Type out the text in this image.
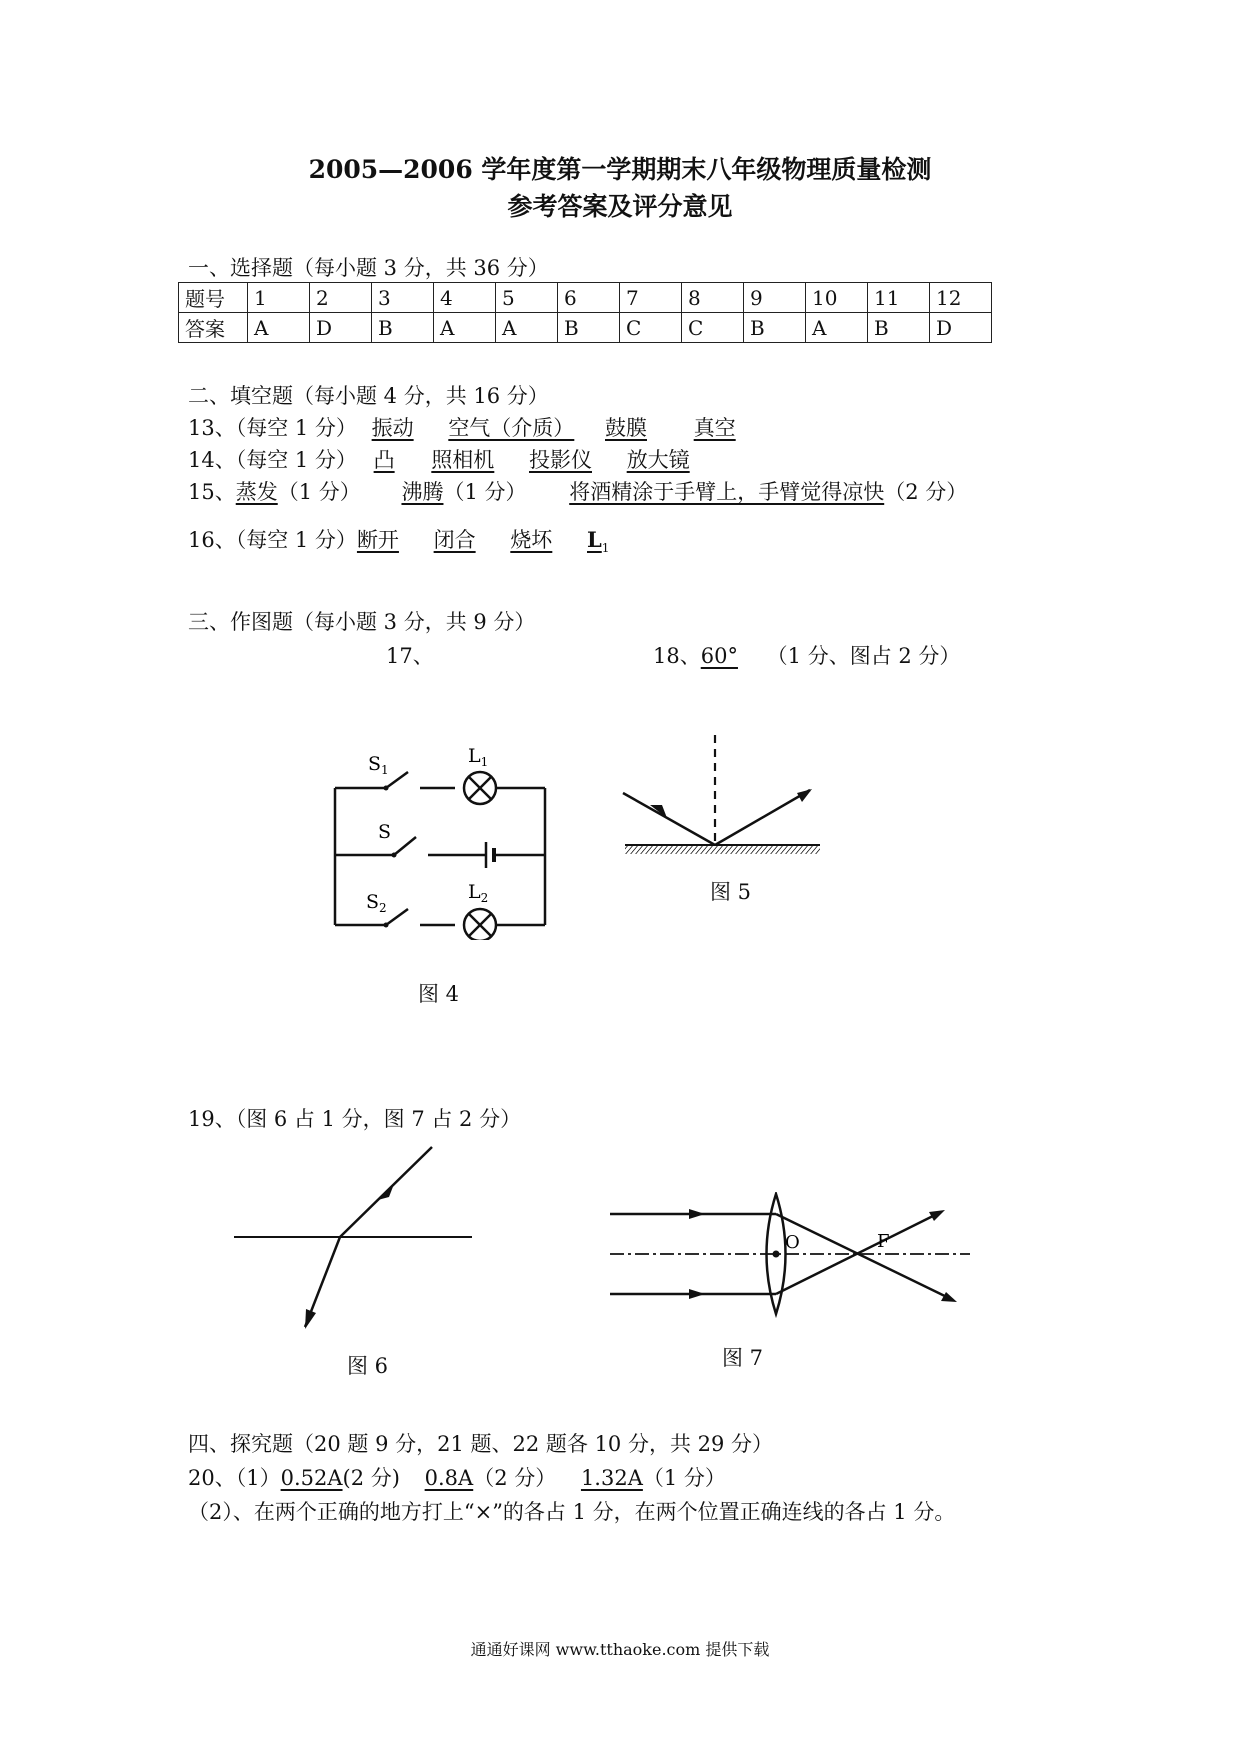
2005—2006 学年度第一学期期末八年级物理质量检测
参考答案及评分意见
一、选择题（每小题 3 分，共 36 分）
题号	1	2	3	4	5	6	7	8	9	10	11	12
答案	A	D	B	A	A	B	C	C	B	A	B	D
二、填空题（每小题 4 分，共 16 分）
13、（每空 1 分） 振动 空气（介质） 鼓膜 真空
14、（每空 1 分） 凸 照相机 投影仪 放大镜
15、蒸发（1 分） 沸腾（1 分） 将酒精涂于手臂上，手臂觉得凉快（2 分）
16、（每空 1 分）断开 闭合 烧坏 $L_1$
三、作图题（每小题 3 分，共 9 分）
17、	18、60° （1 分、图占 2 分）
$S_1$
$L_1$
S
$S_2$
$L_2$
图 4
图 5
19、（图 6 占 1 分，图 7 占 2 分）
图 6
O	F
图 7
四、探究题（20 题 9 分，21 题、22 题各 10 分，共 29 分）
20、（1）0.52A(2 分) 0.8A（2 分） 1.32A（1 分）
（2）、在两个正确的地方打上“×”的各占 1 分，在两个位置正确连线的各占 1 分。
通通好课网 www.tthaoke.com 提供下载
